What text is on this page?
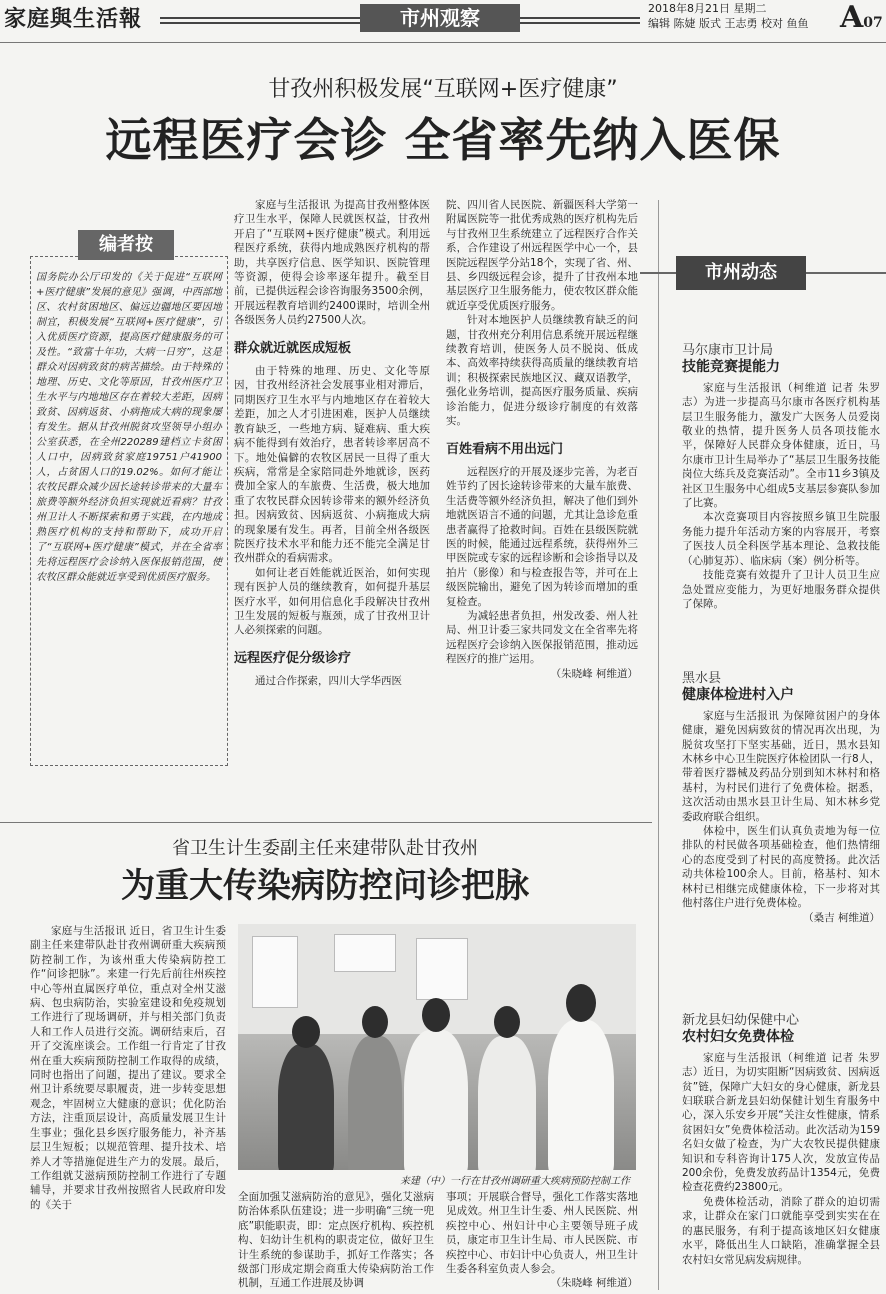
家庭與生活報	市州观察	2018年8月21日 星期二
编辑 陈婕 版式 王志勇 校对 鱼鱼 A07
甘孜州积极发展“互联网+医疗健康”
远程医疗会诊 全省率先纳入医保
编者按
国务院办公厅印发的《关于促进“互联网+医疗健康”发展的意见》强调，中西部地区、农村贫困地区、偏远边疆地区要因地制宜，积极发展“互联网+医疗健康”，引入优质医疗资源，提高医疗健康服务的可及性。“致富十年功，大病一日穷”，这是群众对因病致贫的病苦描绘。由于特殊的地理、历史、文化等原因，甘孜州医疗卫生水平与内地地区存在着较大差距，因病致贫、因病返贫、小病拖成大病的现象屡有发生。据从甘孜州脱贫攻坚领导小组办公室获悉，在全州220289建档立卡贫困人口中，因病致贫家庭19751户41900人，占贫困人口的19.02%。如何才能让农牧民群众减少因长途转诊带来的大量车旅费等额外经济负担实现就近看病？甘孜州卫计人不断探索和勇于实践，在内地成熟医疗机构的支持和帮助下，成功开启了“互联网+医疗健康”模式，并在全省率先将远程医疗会诊纳入医保报销范围，使农牧区群众能就近享受到优质医疗服务。

家庭与生活报讯 为提高甘孜州整体医疗卫生水平，保障人民就医权益，甘孜州开启了“互联网+医疗健康”模式。利用远程医疗系统，获得内地成熟医疗机构的帮助，共享医疗信息、医学知识、医院管理等资源，使得会诊率逐年提升。截至目前，已提供远程会诊咨询服务3500余例，开展远程教育培训约2400课时，培训全州各级医务人员约27500人次。

群众就近就医成短板

由于特殊的地理、历史、文化等原因，甘孜州经济社会发展事业相对滞后，同期医疗卫生水平与内地地区存在着较大差距，加之人才引进困难，医护人员继续教育缺乏，一些地方病、疑难病、重大疾病不能得到有效治疗，患者转诊率居高不下。地处偏僻的农牧区居民一旦得了重大疾病，常常是全家陪同赴外地就诊，医药费加全家人的车旅费、生活费，极大地加重了农牧民群众因转诊带来的额外经济负担。因病致贫、因病返贫、小病拖成大病的现象屡有发生。再者，目前全州各级医院医疗技术水平和能力还不能完全满足甘孜州群众的看病需求。

如何让老百姓能就近医治，如何实现现有医护人员的继续教育，如何提升基层医疗水平，如何用信息化手段解决甘孜州卫生发展的短板与瓶颈，成了甘孜州卫计人必须探索的问题。

远程医疗促分级诊疗

通过合作探索，四川大学华西医

院、四川省人民医院、新疆医科大学第一附属医院等一批优秀成熟的医疗机构先后与甘孜州卫生系统建立了远程医疗合作关系，合作建设了州远程医学中心一个，县医院远程医学分站18个，实现了省、州、县、乡四级远程会诊，提升了甘孜州本地基层医疗卫生服务能力，使农牧区群众能就近享受优质医疗服务。

针对本地医护人员继续教育缺乏的问题，甘孜州充分利用信息系统开展远程继续教育培训，使医务人员不脱岗、低成本、高效率持续获得高质量的继续教育培训；积极探索民族地区汉、藏双语教学，强化业务培训，提高医疗服务质量、疾病诊治能力，促进分级诊疗制度的有效落实。

百姓看病不用出远门

远程医疗的开展及逐步完善，为老百姓节约了因长途转诊带来的大量车旅费、生活费等额外经济负担，解决了他们到外地就医语言不通的问题，尤其让急诊危重患者赢得了抢救时间。百姓在县级医院就医的时候，能通过远程系统，获得州外三甲医院或专家的远程诊断和会诊指导以及拍片（影像）和与检查报告等，并可在上级医院输出，避免了因为转诊而增加的重复检查。

为减轻患者负担，州发改委、州人社局、州卫计委三家共同发文在全省率先将远程医疗会诊纳入医保报销范围，推动远程医疗的推广运用。

（朱晓峰 柯维道）
市州动态
马尔康市卫计局
技能竞赛提能力

家庭与生活报讯（柯维道 记者 朱罗志）为进一步提高马尔康市各医疗机构基层卫生服务能力，激发广大医务人员爱岗敬业的热情，提升医务人员各项技能水平，保障好人民群众身体健康，近日，马尔康市卫计生局举办了“基层卫生服务技能岗位大练兵及竞赛活动”。全市11乡3镇及社区卫生服务中心组成5支基层参赛队参加了比赛。

本次竞赛项目内容按照乡镇卫生院服务能力提升年活动方案的内容展开，考察了医技人员全科医学基本理论、急救技能（心肺复苏）、临床病（案）例分析等。

技能竞赛有效提升了卫计人员卫生应急处置应变能力，为更好地服务群众提供了保障。

黑水县
健康体检进村入户

家庭与生活报讯 为保障贫困户的身体健康，避免因病致贫的情况再次出现，为脱贫攻坚打下坚实基础，近日，黑水县知木林乡中心卫生院医疗体检团队一行8人，带着医疗器械及药品分别到知木林村和格基村，为村民们进行了免费体检。据悉，这次活动由黑水县卫计生局、知木林乡党委政府联合组织。

体检中，医生们认真负责地为每一位排队的村民做各项基础检查，他们热情细心的态度受到了村民的高度赞扬。此次活动共体检100余人。目前，格基村、知木林村已相继完成健康体检，下一步将对其他村落住户进行免费体检。

（桑吉 柯维道）
新龙县妇幼保健中心
农村妇女免费体检

家庭与生活报讯（柯维道 记者 朱罗志）近日，为切实阻断“因病致贫、因病返贫”链，保障广大妇女的身心健康，新龙县妇联联合新龙县妇幼保健计划生育服务中心，深入乐安乡开展“关注女性健康，情系贫困妇女”免费体检活动。此次活动为159名妇女做了检查，为广大农牧民提供健康知识和专科咨询计175人次，发放宣传品200余份，免费发放药品计1354元，免费检查花费约23800元。

免费体检活动，消除了群众的迫切需求，让群众在家门口就能享受到实实在在的惠民服务，有利于提高该地区妇女健康水平，降低出生人口缺陷，准确掌握全县农村妇女常见病发病规律。

省卫生计生委副主任来建带队赴甘孜州
为重大传染病防控问诊把脉

家庭与生活报讯 近日，省卫生计生委副主任来建带队赴甘孜州调研重大疾病预防控制工作，为该州重大传染病防控工作“问诊把脉”。来建一行先后前往州疾控中心等州直属医疗单位，重点对全州艾滋病、包虫病防治，实验室建设和免疫规划工作进行了现场调研，并与相关部门负责人和工作人员进行交流。调研结束后，召开了交流座谈会。工作组一行肯定了甘孜州在重大疾病预防控制工作取得的成绩，同时也指出了问题，提出了建议。要求全州卫计系统要尽职履责，进一步转变思想观念，牢固树立大健康的意识；优化防治方法，注重顶层设计，高质量发展卫生计生事业；强化县乡医疗服务能力，补齐基层卫生短板；以规范管理、提升技术、培养人才等措施促进生产力的发展。最后，工作组就艾滋病预防控制工作进行了专题辅导，并要求甘孜州按照省人民政府印发的《关于

来建（中）一行在甘孜州调研重大疾病预防控制工作

全面加强艾滋病防治的意见》，强化艾滋病防治体系队伍建设；进一步明确“三统一兜底”职能职责，即：定点医疗机构、疾控机构、妇幼计生机构的职责定位，做好卫生计生系统的参谋助手，抓好工作落实；各级部门形成定期会商重大传染病防治工作机制，互通工作进展及协调

事项；开展联合督导，强化工作落实落地见成效。州卫生计生委、州人民医院、州疾控中心、州妇计中心主要领导班子成员，康定市卫生计生局、市人民医院、市疾控中心、市妇计中心负责人，州卫生计生委各科室负责人参会。

（朱晓峰 柯维道）
